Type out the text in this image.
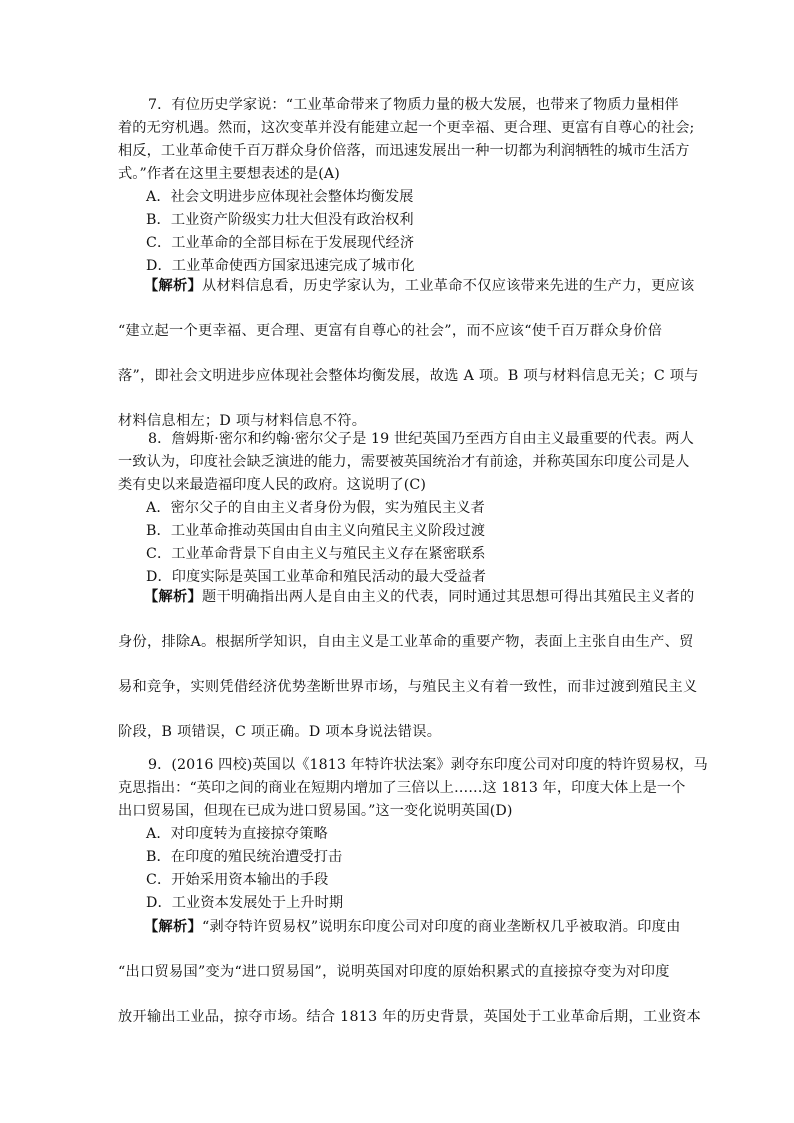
7．有位历史学家说：“工业革命带来了物质力量的极大发展，也带来了物质力量相伴
着的无穷机遇。然而，这次变革并没有能建立起一个更幸福、更合理、更富有自尊心的社会;
相反，工业革命使千百万群众身价倍落，而迅速发展出一种一切都为利润牺牲的城市生活方
式。”作者在这里主要想表述的是(A)
A．社会文明进步应体现社会整体均衡发展
B．工业资产阶级实力壮大但没有政治权利
C．工业革命的全部目标在于发展现代经济
D．工业革命使西方国家迅速完成了城市化
【解析】从材料信息看，历史学家认为，工业革命不仅应该带来先进的生产力，更应该
“建立起一个更幸福、更合理、更富有自尊心的社会”，而不应该“使千百万群众身价倍
落”，即社会文明进步应体现社会整体均衡发展，故选 A 项。B 项与材料信息无关；C 项与
材料信息相左；D 项与材料信息不符。
8．詹姆斯·密尔和约翰·密尔父子是 19 世纪英国乃至西方自由主义最重要的代表。两人
一致认为，印度社会缺乏演进的能力，需要被英国统治才有前途，并称英国东印度公司是人
类有史以来最造福印度人民的政府。这说明了(C)
A．密尔父子的自由主义者身份为假，实为殖民主义者
B．工业革命推动英国由自由主义向殖民主义阶段过渡
C．工业革命背景下自由主义与殖民主义存在紧密联系
D．印度实际是英国工业革命和殖民活动的最大受益者
【解析】题干明确指出两人是自由主义的代表，同时通过其思想可得出其殖民主义者的
身份，排除A。根据所学知识，自由主义是工业革命的重要产物，表面上主张自由生产、贸
易和竞争，实则凭借经济优势垄断世界市场，与殖民主义有着一致性，而非过渡到殖民主义
阶段，B 项错误，C 项正确。D 项本身说法错误。
9．(2016 四校)英国以《1813 年特许状法案》剥夺东印度公司对印度的特许贸易权，马
克思指出：“英印之间的商业在短期内增加了三倍以上……这 1813 年，印度大体上是一个
出口贸易国，但现在已成为进口贸易国。”这一变化说明英国(D)
A．对印度转为直接掠夺策略
B．在印度的殖民统治遭受打击
C．开始采用资本输出的手段
D．工业资本发展处于上升时期
【解析】“剥夺特许贸易权”说明东印度公司对印度的商业垄断权几乎被取消。印度由
“出口贸易国”变为“进口贸易国”，说明英国对印度的原始积累式的直接掠夺变为对印度
放开输出工业品，掠夺市场。结合 1813 年的历史背景，英国处于工业革命后期，工业资本
